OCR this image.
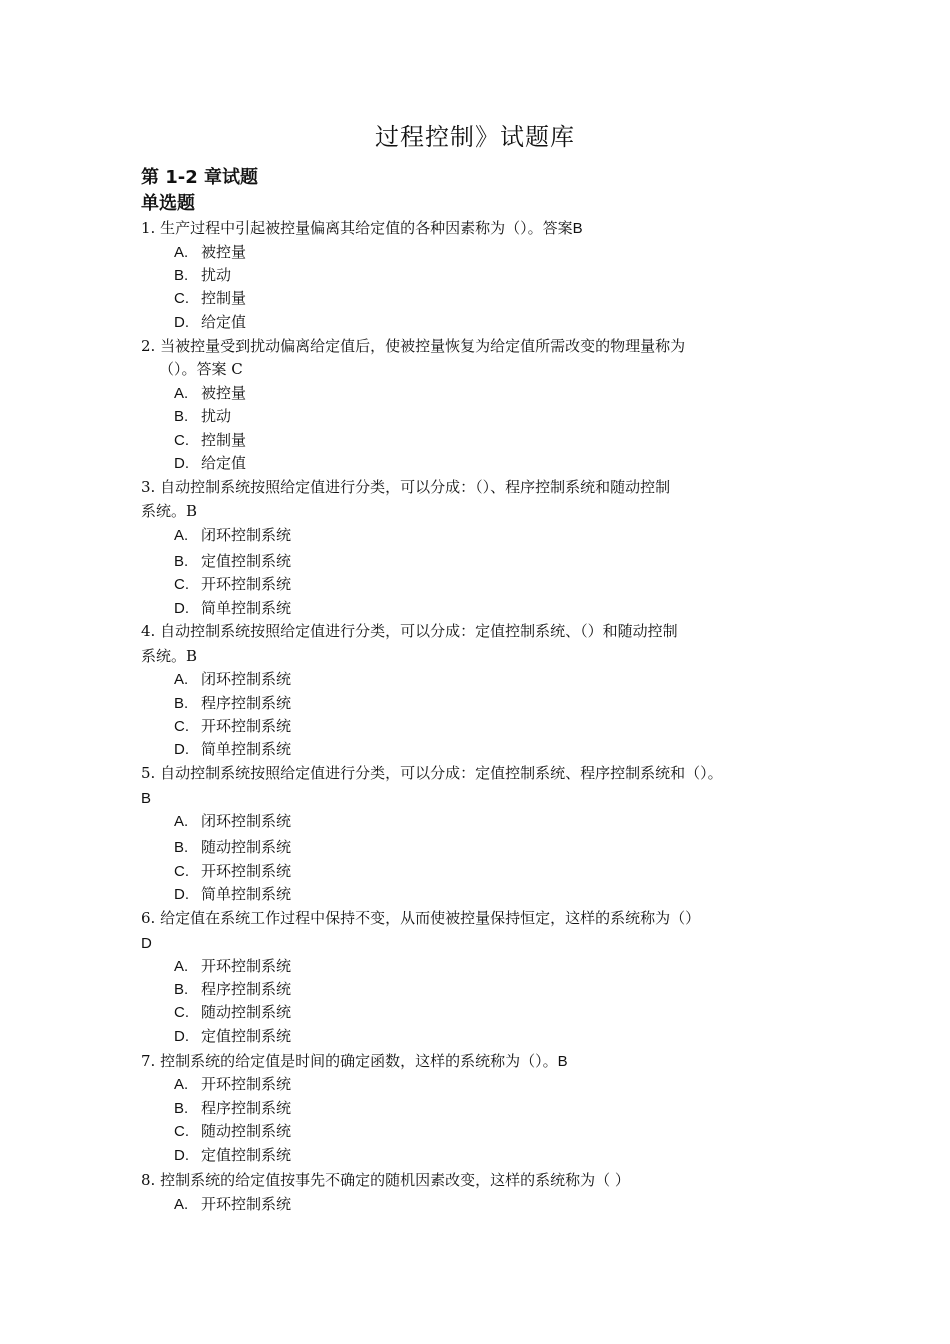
过程控制》试题库
第 1-2 章试题
单选题
1. 生产过程中引起被控量偏离其给定值的各种因素称为（）。答案B
A. 被控量
B. 扰动
C. 控制量
D. 给定值
2. 当被控量受到扰动偏离给定值后，使被控量恢复为给定值所需改变的物理量称为
（）。答案 C
A. 被控量
B. 扰动
C. 控制量
D. 给定值
3. 自动控制系统按照给定值进行分类，可以分成：（）、程序控制系统和随动控制
系统。B
A. 闭环控制系统
B. 定值控制系统
C. 开环控制系统
D. 简单控制系统
4. 自动控制系统按照给定值进行分类，可以分成：定值控制系统、（）和随动控制
系统。B
A. 闭环控制系统
B. 程序控制系统
C. 开环控制系统
D. 简单控制系统
5. 自动控制系统按照给定值进行分类，可以分成：定值控制系统、程序控制系统和（）。
B
A. 闭环控制系统
B. 随动控制系统
C. 开环控制系统
D. 简单控制系统
6. 给定值在系统工作过程中保持不变，从而使被控量保持恒定，这样的系统称为（）
D
A. 开环控制系统
B. 程序控制系统
C. 随动控制系统
D. 定值控制系统
7. 控制系统的给定值是时间的确定函数，这样的系统称为（）。B
A. 开环控制系统
B. 程序控制系统
C. 随动控制系统
D. 定值控制系统
8. 控制系统的给定值按事先不确定的随机因素改变，这样的系统称为（ ）
A. 开环控制系统
